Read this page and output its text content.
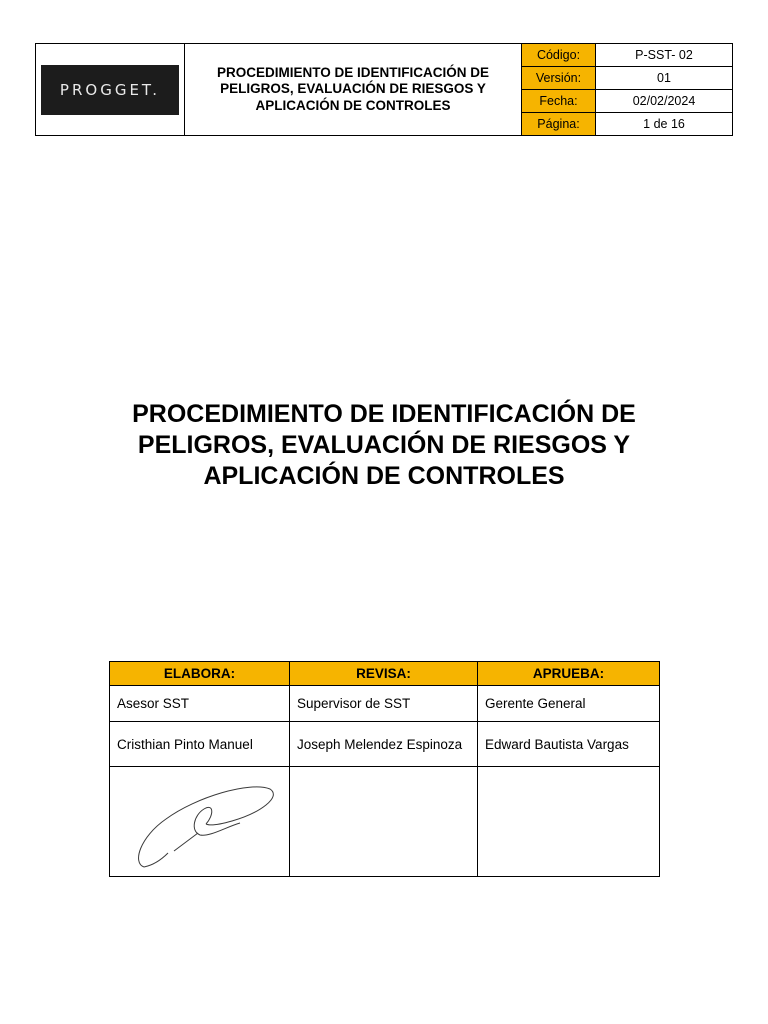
PROGGET.
PROCEDIMIENTO DE IDENTIFICACIÓN DE PELIGROS, EVALUACIÓN DE RIESGOS Y APLICACIÓN DE CONTROLES
Código:	P-SST- 02
Versión:	01
Fecha:	02/02/2024
Página:	1 de 16
PROCEDIMIENTO DE IDENTIFICACIÓN DE PELIGROS, EVALUACIÓN DE RIESGOS Y APLICACIÓN DE CONTROLES
ELABORA:	REVISA:	APRUEBA:
Asesor SST	Supervisor de SST	Gerente General
Cristhian Pinto Manuel	Joseph Melendez Espinoza	Edward Bautista Vargas
